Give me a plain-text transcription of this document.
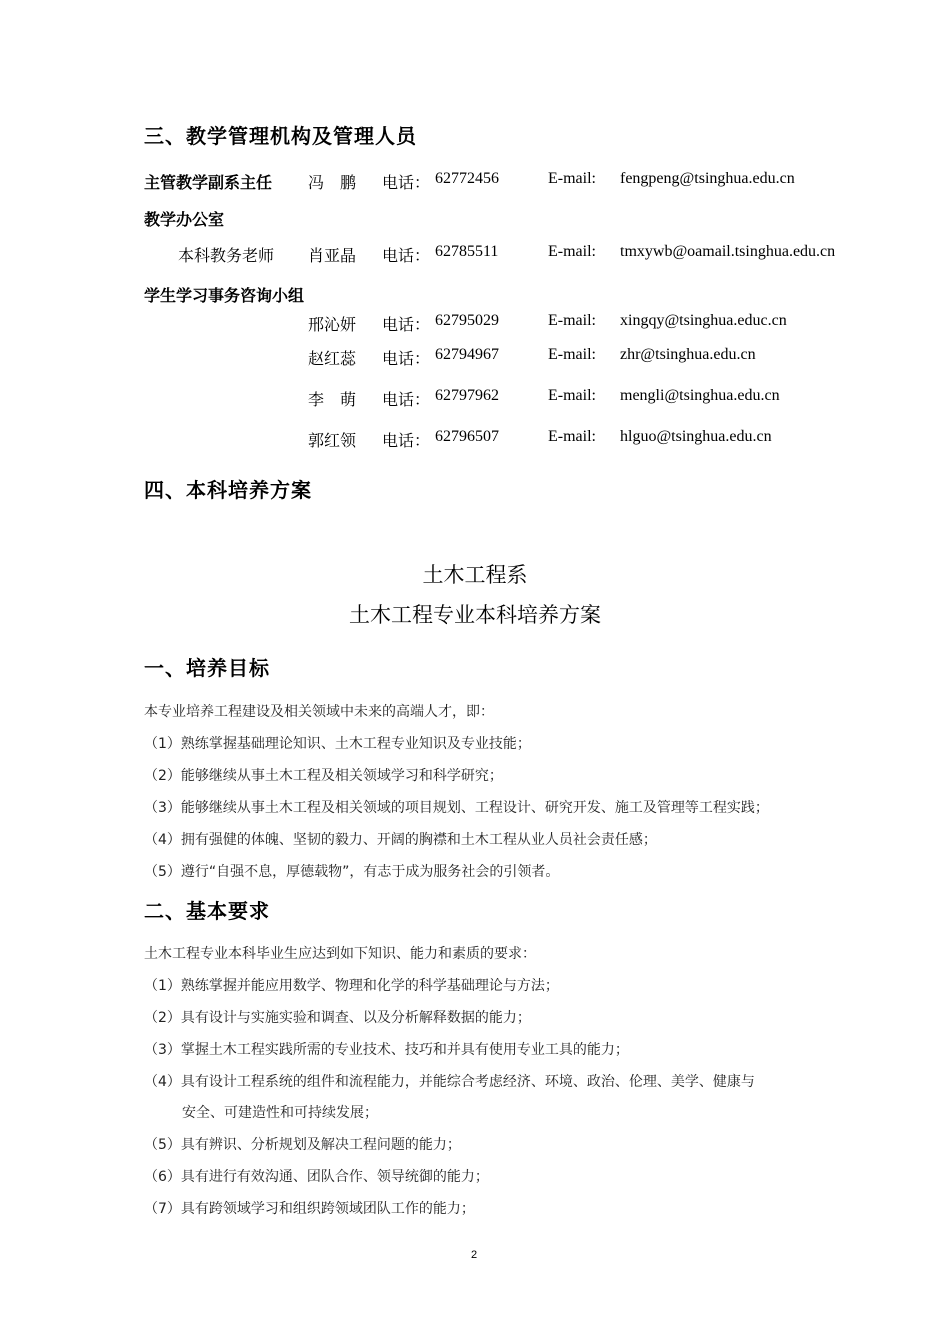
三、教学管理机构及管理人员
主管教学副系主任 冯　鹏 电话： 62772456	E-mail: fengpeng@tsinghua.edu.cn
教学办公室
本科教务老师 肖亚晶 电话： 62785511	E-mail: tmxywb@oamail.tsinghua.edu.cn
学生学习事务咨询小组
邢沁妍 电话： 62795029	E-mail: xingqy@tsinghua.educ.cn
赵红蕊 电话： 62794967	E-mail: zhr@tsinghua.edu.cn
李　萌 电话： 62797962	E-mail: mengli@tsinghua.edu.cn
郭红领 电话： 62796507	E-mail: hlguo@tsinghua.edu.cn
四、本科培养方案
土木工程系
土木工程专业本科培养方案
一、培养目标
本专业培养工程建设及相关领域中未来的高端人才，即：
（1）熟练掌握基础理论知识、土木工程专业知识及专业技能；
（2）能够继续从事土木工程及相关领域学习和科学研究；
（3）能够继续从事土木工程及相关领域的项目规划、工程设计、研究开发、施工及管理等工程实践；
（4）拥有强健的体魄、坚韧的毅力、开阔的胸襟和土木工程从业人员社会责任感；
（5）遵行“自强不息，厚德载物”，有志于成为服务社会的引领者。
二、基本要求
土木工程专业本科毕业生应达到如下知识、能力和素质的要求：
（1）熟练掌握并能应用数学、物理和化学的科学基础理论与方法；
（2）具有设计与实施实验和调查、以及分析解释数据的能力；
（3）掌握土木工程实践所需的专业技术、技巧和并具有使用专业工具的能力；
（4）具有设计工程系统的组件和流程能力，并能综合考虑经济、环境、政治、伦理、美学、健康与
安全、可建造性和可持续发展；
（5）具有辨识、分析规划及解决工程问题的能力；
（6）具有进行有效沟通、团队合作、领导统御的能力；
（7）具有跨领域学习和组织跨领域团队工作的能力；
2
